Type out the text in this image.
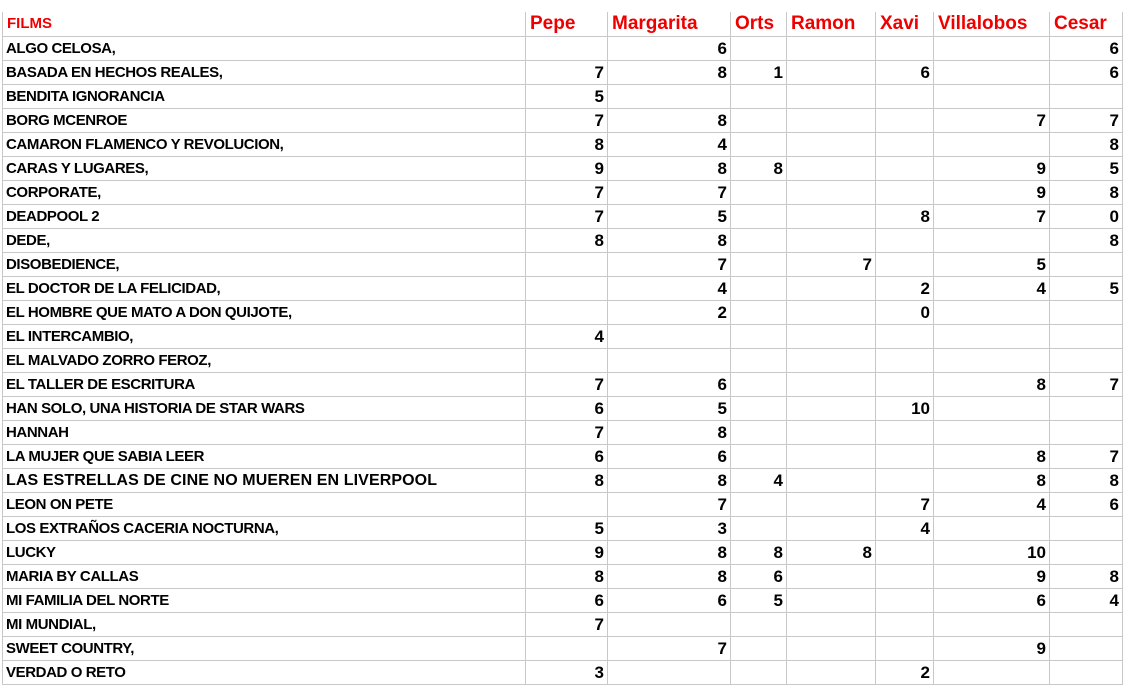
FILMS	Pepe	Margarita	Orts	Ramon	Xavi	Villalobos	Cesar
ALGO CELOSA,		6					6
BASADA EN HECHOS REALES,	7	8	1		6		6
BENDITA IGNORANCIA	5						
BORG MCENROE	7	8				7	7
CAMARON FLAMENCO Y REVOLUCION,	8	4					8
CARAS Y LUGARES,	9	8	8			9	5
CORPORATE,	7	7				9	8
DEADPOOL 2	7	5			8	7	0
DEDE,	8	8					8
DISOBEDIENCE,		7		7		5	
EL DOCTOR DE LA FELICIDAD,		4			2	4	5
EL HOMBRE QUE MATO A DON QUIJOTE,		2			0		
EL INTERCAMBIO,	4						
EL MALVADO ZORRO FEROZ,							
EL TALLER DE ESCRITURA	7	6				8	7
HAN SOLO, UNA HISTORIA DE STAR WARS	6	5			10		
HANNAH	7	8					
LA MUJER QUE SABIA LEER	6	6				8	7
LAS ESTRELLAS DE CINE NO MUEREN EN LIVERPOOL	8	8	4			8	8
LEON ON PETE		7			7	4	6
LOS EXTRAÑOS CACERIA NOCTURNA,	5	3			4		
LUCKY	9	8	8	8		10	
MARIA BY CALLAS	8	8	6			9	8
MI FAMILIA DEL NORTE	6	6	5			6	4
MI MUNDIAL,	7						
SWEET COUNTRY,		7				9	
VERDAD O RETO	3				2		
